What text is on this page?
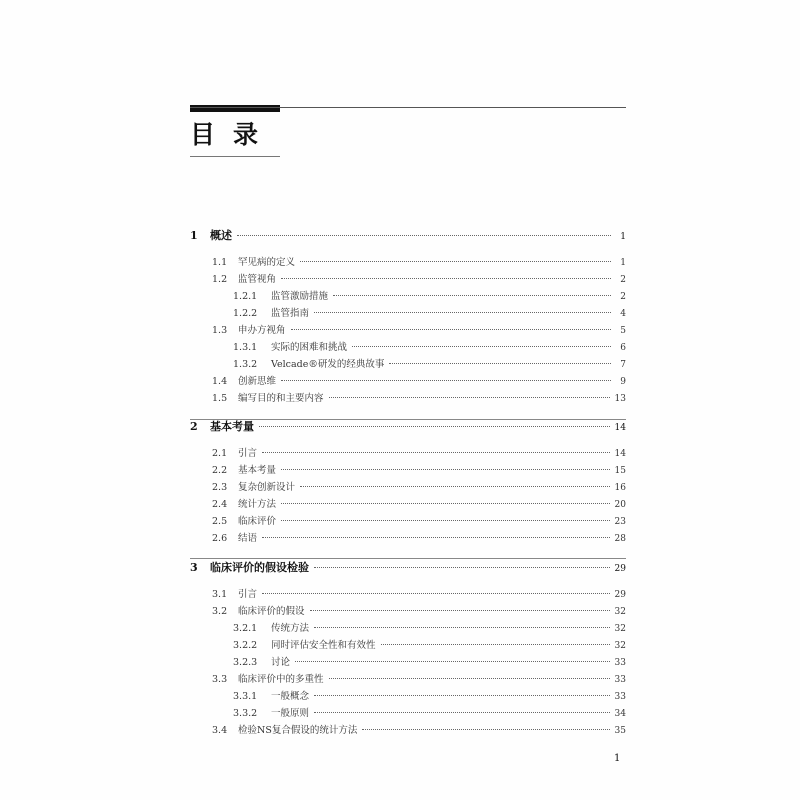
目录
1	概述	1
1.1	罕见病的定义	1
1.2	监管视角	2
1.2.1	监管激励措施	2
1.2.2	监管指南	4
1.3	申办方视角	5
1.3.1	实际的困难和挑战	6
1.3.2	Velcade®研发的经典故事	7
1.4	创新思维	9
1.5	编写目的和主要内容	13
2	基本考量	14
2.1	引言	14
2.2	基本考量	15
2.3	复杂创新设计	16
2.4	统计方法	20
2.5	临床评价	23
2.6	结语	28
3	临床评价的假设检验	29
3.1	引言	29
3.2	临床评价的假设	32
3.2.1	传统方法	32
3.2.2	同时评估安全性和有效性	32
3.2.3	讨论	33
3.3	临床评价中的多重性	33
3.3.1	一般概念	33
3.3.2	一般原则	34
3.4	检验NS复合假设的统计方法	35
1
